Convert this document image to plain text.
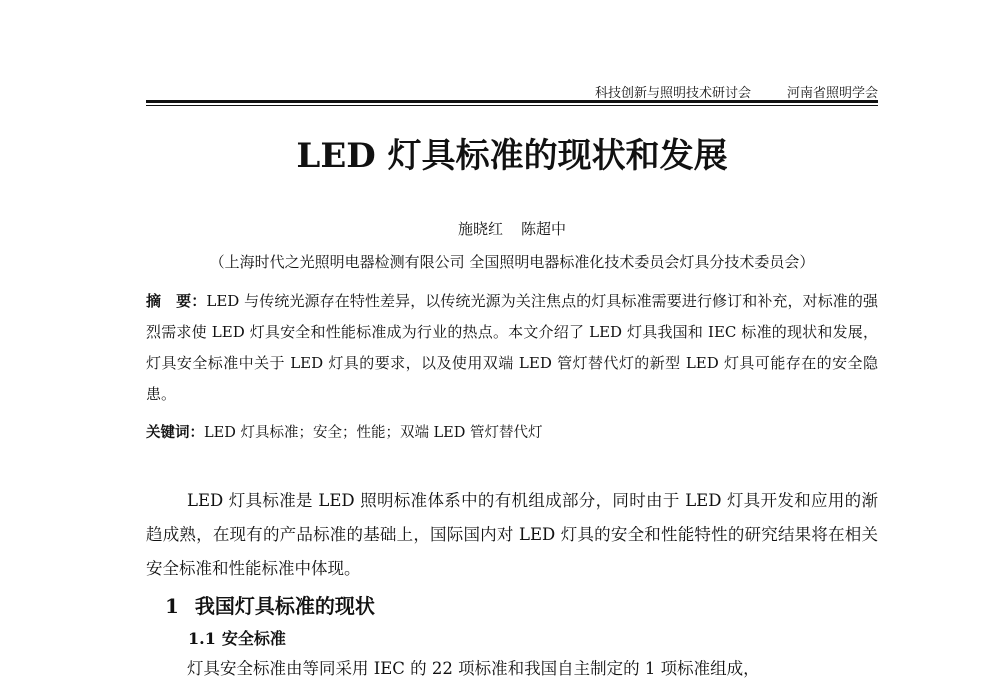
科技创新与照明技术研讨会	河南省照明学会
LED 灯具标准的现状和发展
施晓红 陈超中
（上海时代之光照明电器检测有限公司 全国照明电器标准化技术委员会灯具分技术委员会）
摘　要：LED 与传统光源存在特性差异，以传统光源为关注焦点的灯具标准需要进行修订和补充，对标准的强烈需求使 LED 灯具安全和性能标准成为行业的热点。本文介绍了 LED 灯具我国和 IEC 标准的现状和发展，灯具安全标准中关于 LED 灯具的要求，以及使用双端 LED 管灯替代灯的新型 LED 灯具可能存在的安全隐患。
关键词：LED 灯具标准；安全；性能；双端 LED 管灯替代灯
LED 灯具标准是 LED 照明标准体系中的有机组成部分，同时由于 LED 灯具开发和应用的渐趋成熟，在现有的产品标准的基础上，国际国内对 LED 灯具的安全和性能特性的研究结果将在相关安全标准和性能标准中体现。
1 我国灯具标准的现状
1.1 安全标准
灯具安全标准由等同采用 IEC 的 22 项标准和我国自主制定的 1 项标准组成，
